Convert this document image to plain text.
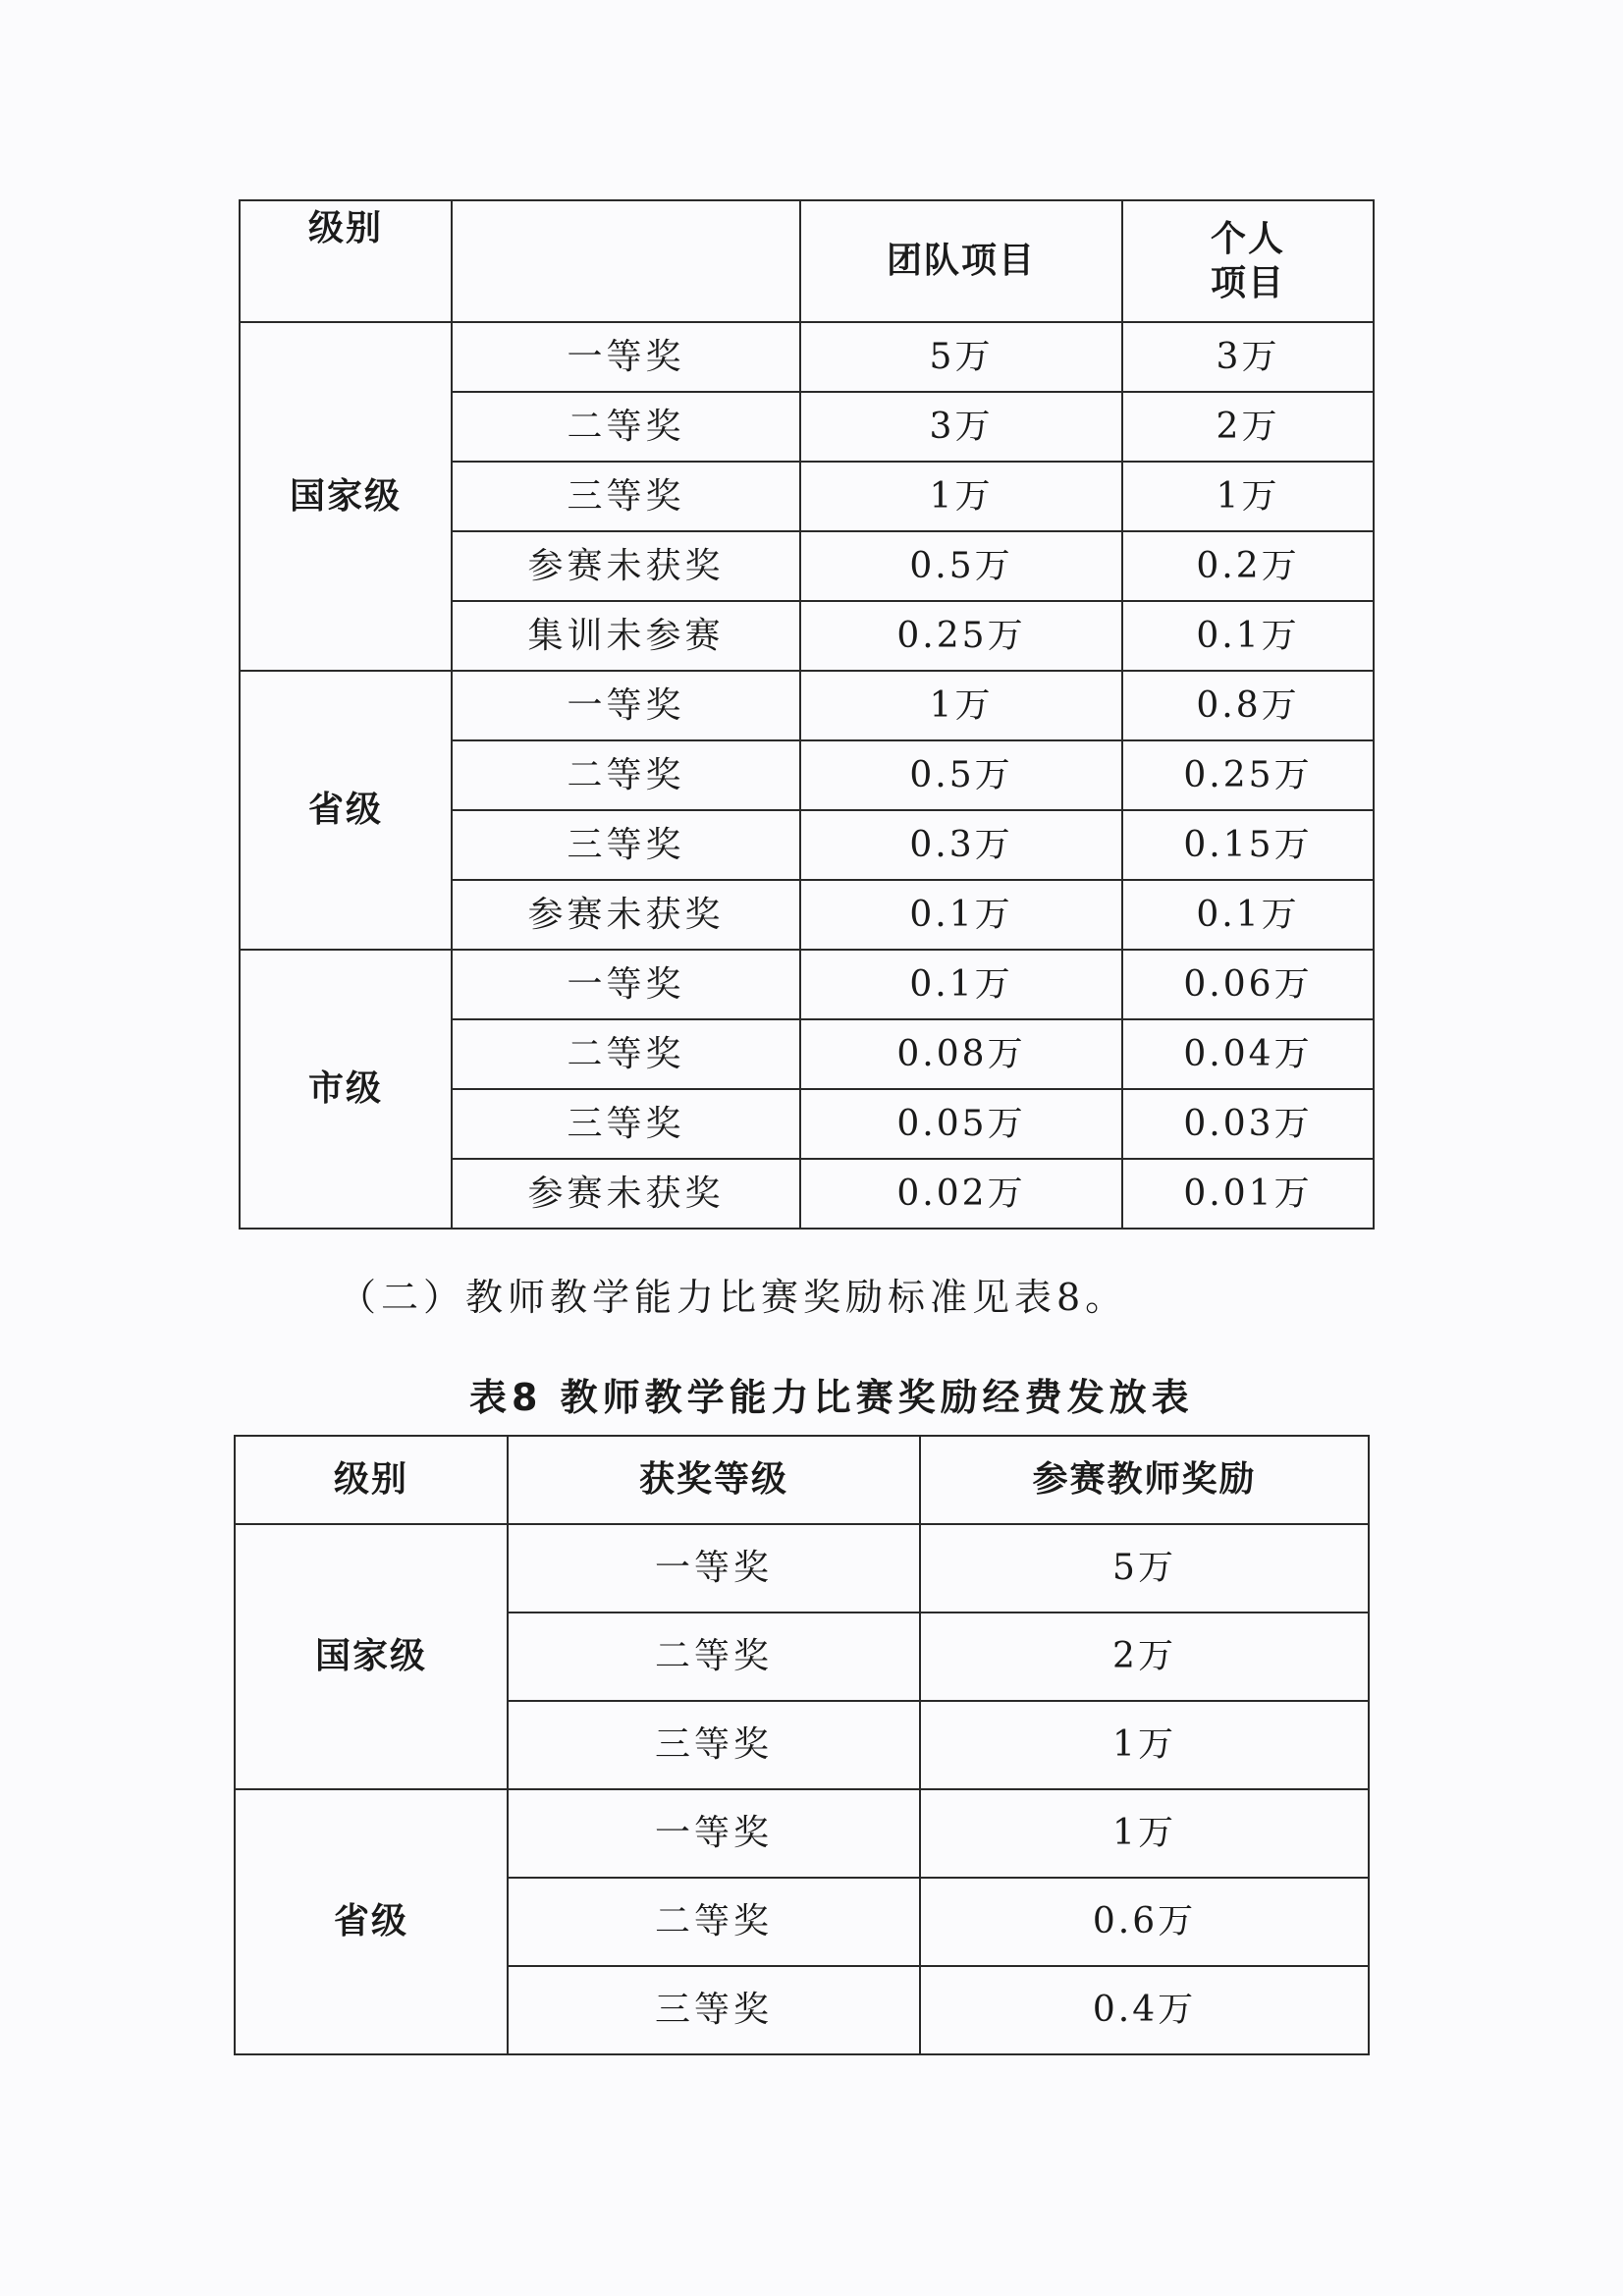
级别		团队项目	个人
项目

国家级	一等奖	5万	3万
	二等奖	3万	2万
	三等奖	1万	1万
	参赛未获奖	0.5万	0.2万
	集训未参赛	0.25万	0.1万
省级	一等奖	1万	0.8万
	二等奖	0.5万	0.25万
	三等奖	0.3万	0.15万
	参赛未获奖	0.1万	0.1万
市级	一等奖	0.1万	0.06万
	二等奖	0.08万	0.04万
	三等奖	0.05万	0.03万
	参赛未获奖	0.02万	0.01万
（二）教师教学能力比赛奖励标准见表8。
表8 教师教学能力比赛奖励经费发放表
级别	获奖等级	参赛教师奖励
国家级	一等奖	5万
	二等奖	2万
	三等奖	1万
省级	一等奖	1万
	二等奖	0.6万
	三等奖	0.4万
